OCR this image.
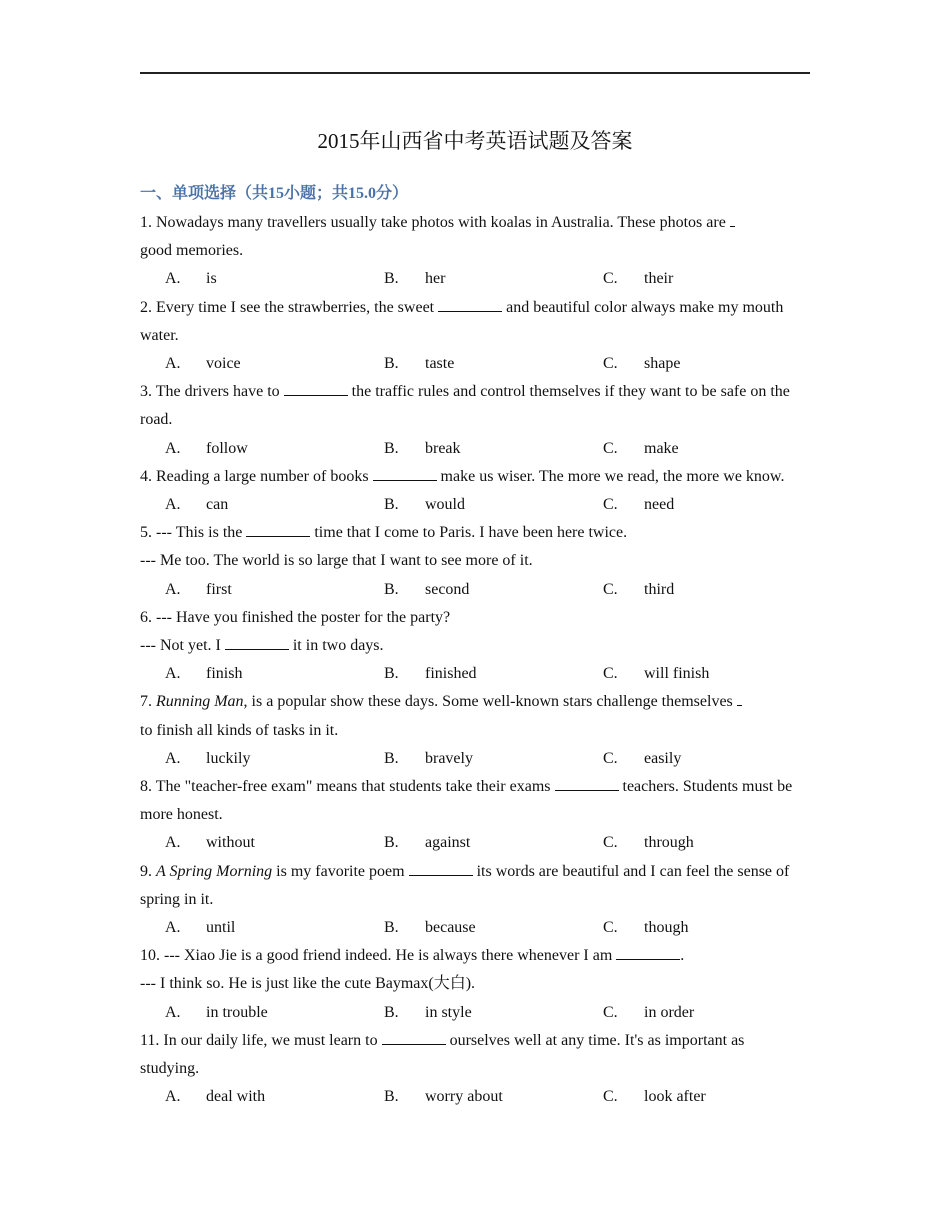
2015年山西省中考英语试题及答案
一、单项选择（共15小题；共15.0分）
1. Nowadays many travellers usually take photos with koalas in Australia. These photos are
good memories.
A.	is	B.	her	C.	their
2. Every time I see the strawberries, the sweet	and beautiful color always make my mouth
water.
A.	voice	B.	taste	C.	shape
3. The drivers have to	the traffic rules and control themselves if they want to be safe on the
road.
A.	follow	B.	break	C.	make
4. Reading a large number of books	make us wiser. The more we read, the more we know.
A.	can	B.	would	C.	need
5. --- This is the	time that I come to Paris. I have been here twice.
--- Me too. The world is so large that I want to see more of it.
A.	first	B.	second	C.	third
6. --- Have you finished the poster for the party?
--- Not yet. I	it in two days.
A.	finish	B.	finished	C.	will finish
7. Running Man, is a popular show these days. Some well-known stars challenge themselves
to finish all kinds of tasks in it.
A.	luckily	B.	bravely	C.	easily
8. The "teacher-free exam" means that students take their exams	teachers. Students must be
more honest.
A.	without	B.	against	C.	through
9. A Spring Morning is my favorite poem	its words are beautiful and I can feel the sense of
spring in it.
A.	until	B.	because	C.	though
10. --- Xiao Jie is a good friend indeed. He is always there whenever I am	.
--- I think so. He is just like the cute Baymax(大白).
A.	in trouble	B.	in style	C.	in order
11. In our daily life, we must learn to	ourselves well at any time. It's as important as
studying.
A.	deal with	B.	worry about	C.	look after
